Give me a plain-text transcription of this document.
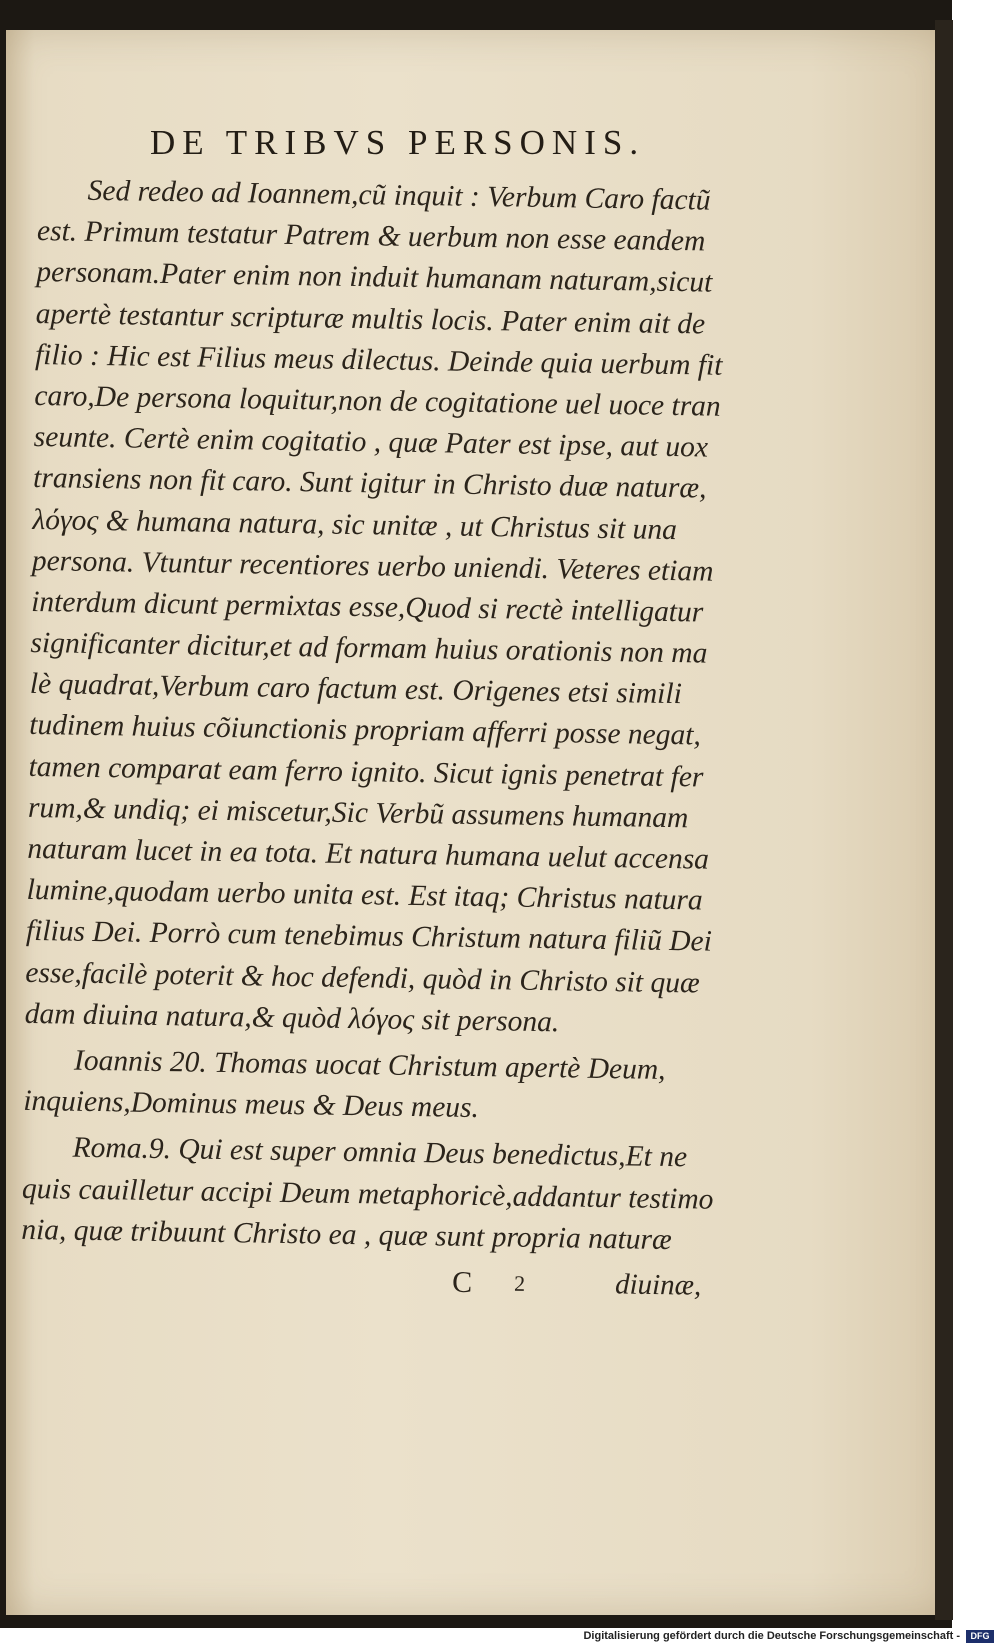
DE TRIBVS PERSONIS.
Sed redeo ad Ioannem,cũ inquit : Verbum Caro factũ
est. Primum testatur Patrem & uerbum non esse eandem
personam.Pater enim non induit humanam naturam,sicut
apertè testantur scripturæ multis locis. Pater enim ait de
filio : Hic est Filius meus dilectus. Deinde quia uerbum fit
caro,De persona loquitur,non de cogitatione uel uoce tran
seunte. Certè enim cogitatio , quæ Pater est ipse, aut uox
transiens non fit caro. Sunt igitur in Christo duæ naturæ,
λόγος & humana natura, sic unitæ , ut Christus sit una
persona. Vtuntur recentiores uerbo uniendi. Veteres etiam
interdum dicunt permixtas esse,Quod si rectè intelligatur
significanter dicitur,et ad formam huius orationis non ma
lè quadrat,Verbum caro factum est. Origenes etsi simili
tudinem huius cõiunctionis propriam afferri posse negat,
tamen comparat eam ferro ignito. Sicut ignis penetrat fer
rum,& undiq; ei miscetur,Sic Verbũ assumens humanam
naturam lucet in ea tota. Et natura humana uelut accensa
lumine,quodam uerbo unita est. Est itaq; Christus natura
filius Dei. Porrò cum tenebimus Christum natura filiũ Dei
esse,facilè poterit & hoc defendi, quòd in Christo sit quæ
dam diuina natura,& quòd λόγος sit persona.
Ioannis 20. Thomas uocat Christum apertè Deum,
inquiens,Dominus meus & Deus meus.
Roma.9. Qui est super omnia Deus benedictus,Et ne
quis cauilletur accipi Deum metaphoricè,addantur testimo
nia, quæ tribuunt Christo ea , quæ sunt propria naturæ
C 2	diuinæ,
Digitalisierung gefördert durch die Deutsche Forschungsgemeinschaft -	DFG
